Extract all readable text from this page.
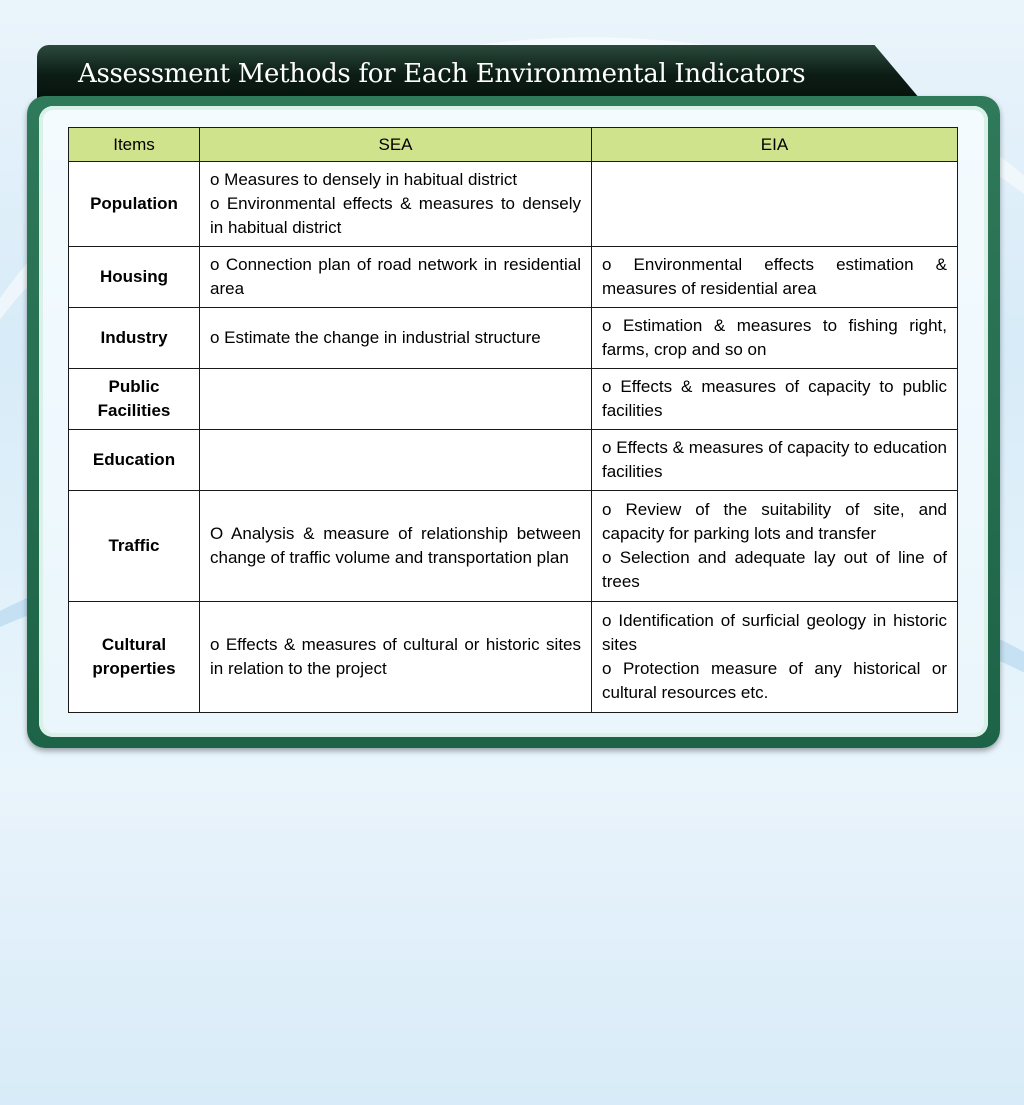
Assessment Methods for Each Environmental Indicators
Items	SEA	EIA
Population	o Measures to densely in habitual district
o Environmental effects & measures to densely in habitual district	

Housing	o Connection plan of road network in residential area	o Environmental effects estimation & measures of residential area

Industry	o Estimate the change in industrial structure	o Estimation & measures to fishing right, farms, crop and so on

Public Facilities		o Effects & measures of capacity to public facilities

Education		o Effects & measures of capacity to education facilities

Traffic	O Analysis & measure of relationship between change of traffic volume and transportation plan	o Review of the suitability of site, and capacity for parking lots and transfer
o Selection and adequate lay out of line of trees

Cultural properties	o Effects & measures of cultural or historic sites in relation to the project	o Identification of surficial geology in historic sites
o Protection measure of any historical or cultural resources etc.
